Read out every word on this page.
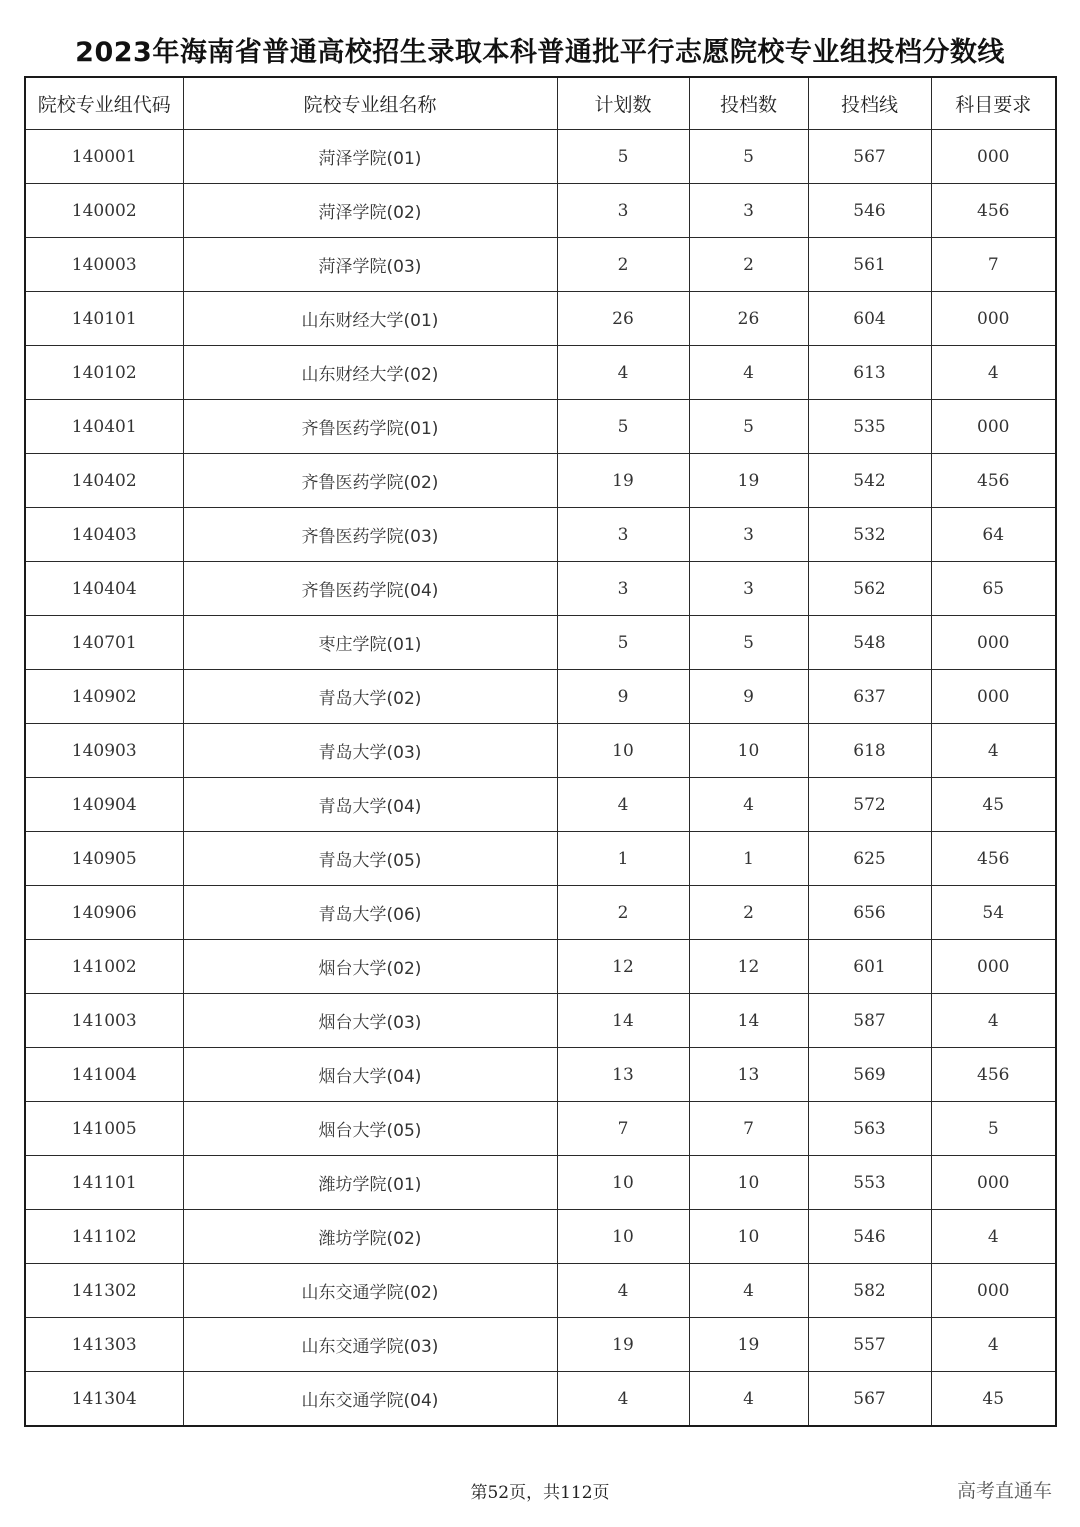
2023年海南省普通高校招生录取本科普通批平行志愿院校专业组投档分数线
院校专业组代码	院校专业组名称	计划数	投档数	投档线	科目要求
140001	菏泽学院(01)	5	5	567	000
140002	菏泽学院(02)	3	3	546	456
140003	菏泽学院(03)	2	2	561	7
140101	山东财经大学(01)	26	26	604	000
140102	山东财经大学(02)	4	4	613	4
140401	齐鲁医药学院(01)	5	5	535	000
140402	齐鲁医药学院(02)	19	19	542	456
140403	齐鲁医药学院(03)	3	3	532	64
140404	齐鲁医药学院(04)	3	3	562	65
140701	枣庄学院(01)	5	5	548	000
140902	青岛大学(02)	9	9	637	000
140903	青岛大学(03)	10	10	618	4
140904	青岛大学(04)	4	4	572	45
140905	青岛大学(05)	1	1	625	456
140906	青岛大学(06)	2	2	656	54
141002	烟台大学(02)	12	12	601	000
141003	烟台大学(03)	14	14	587	4
141004	烟台大学(04)	13	13	569	456
141005	烟台大学(05)	7	7	563	5
141101	潍坊学院(01)	10	10	553	000
141102	潍坊学院(02)	10	10	546	4
141302	山东交通学院(02)	4	4	582	000
141303	山东交通学院(03)	19	19	557	4
141304	山东交通学院(04)	4	4	567	45
第52页，共112页	高考直通车
